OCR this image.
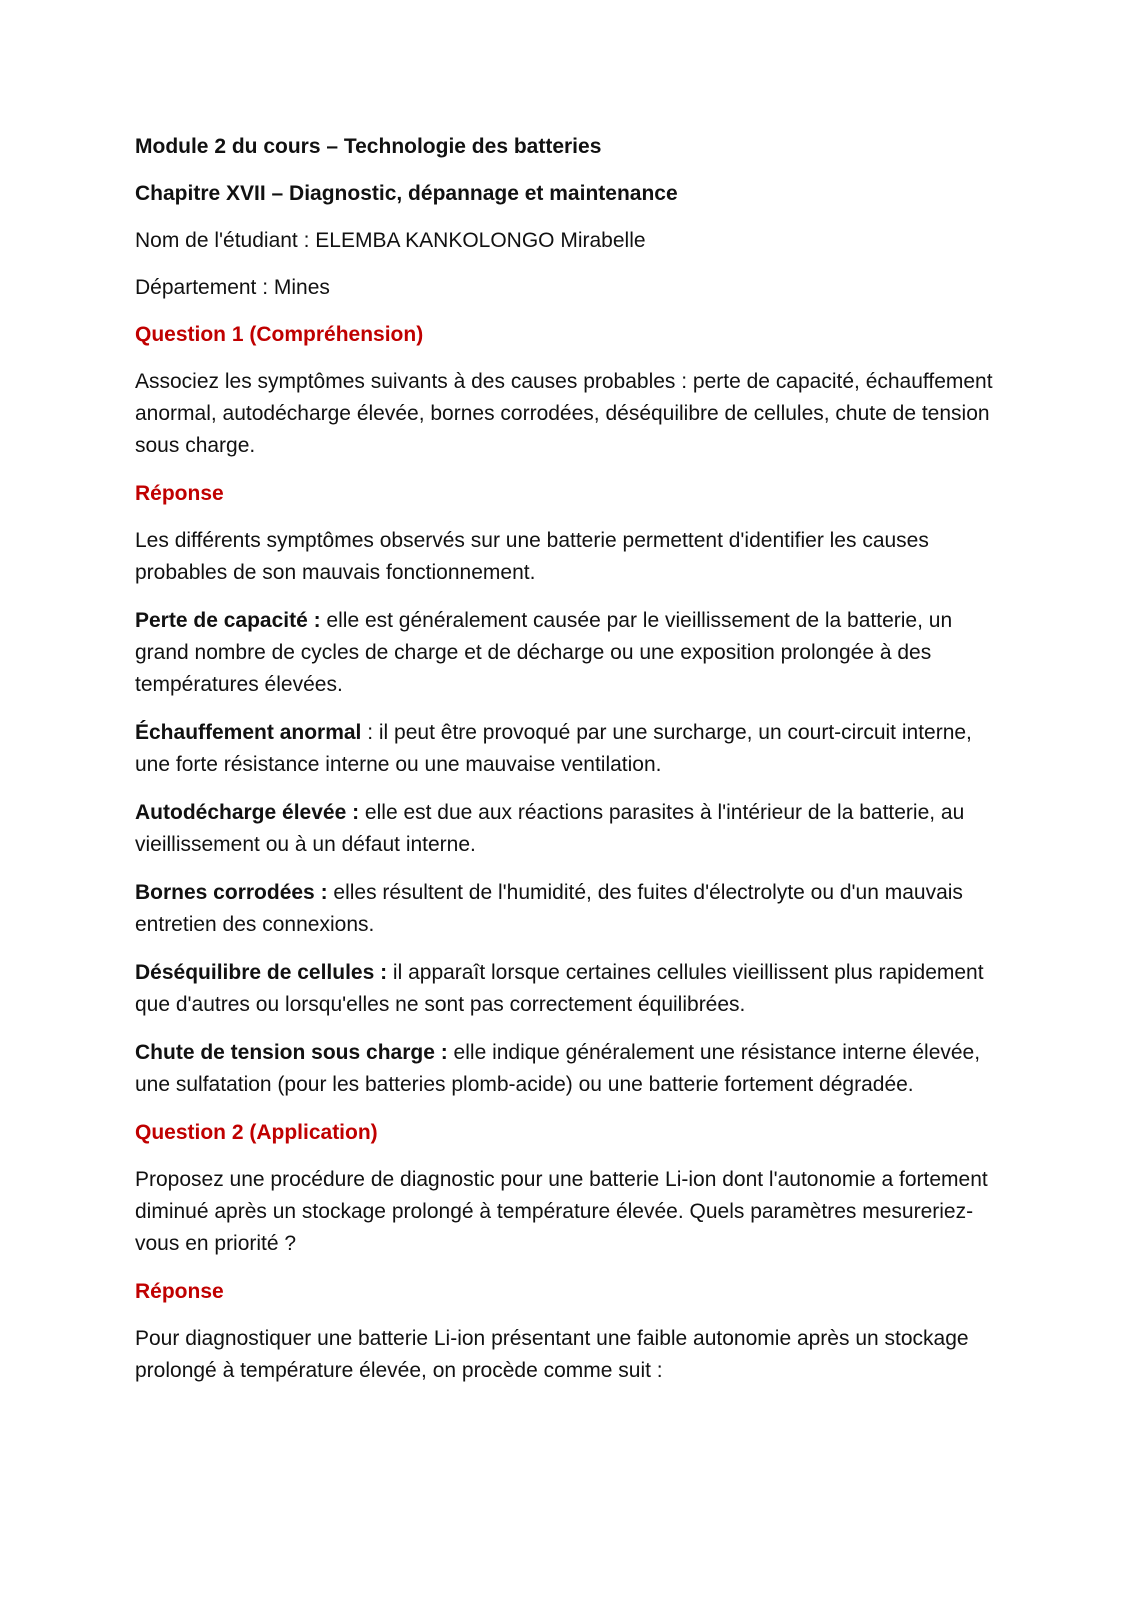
Module 2 du cours – Technologie des batteries

Chapitre XVII – Diagnostic, dépannage et maintenance

Nom de l'étudiant : ELEMBA KANKOLONGO Mirabelle

Département : Mines

Question 1 (Compréhension)

Associez les symptômes suivants à des causes probables : perte de capacité, échauffement anormal, autodécharge élevée, bornes corrodées, déséquilibre de cellules, chute de tension sous charge.

Réponse

Les différents symptômes observés sur une batterie permettent d'identifier les causes probables de son mauvais fonctionnement.

Perte de capacité : elle est généralement causée par le vieillissement de la batterie, un grand nombre de cycles de charge et de décharge ou une exposition prolongée à des températures élevées.

Échauffement anormal : il peut être provoqué par une surcharge, un court-circuit interne, une forte résistance interne ou une mauvaise ventilation.

Autodécharge élevée : elle est due aux réactions parasites à l'intérieur de la batterie, au vieillissement ou à un défaut interne.

Bornes corrodées : elles résultent de l'humidité, des fuites d'électrolyte ou d'un mauvais entretien des connexions.

Déséquilibre de cellules : il apparaît lorsque certaines cellules vieillissent plus rapidement que d'autres ou lorsqu'elles ne sont pas correctement équilibrées.

Chute de tension sous charge : elle indique généralement une résistance interne élevée, une sulfatation (pour les batteries plomb-acide) ou une batterie fortement dégradée.

Question 2 (Application)

Proposez une procédure de diagnostic pour une batterie Li-ion dont l'autonomie a fortement diminué après un stockage prolongé à température élevée. Quels paramètres mesureriez-vous en priorité ?

Réponse

Pour diagnostiquer une batterie Li-ion présentant une faible autonomie après un stockage prolongé à température élevée, on procède comme suit :
